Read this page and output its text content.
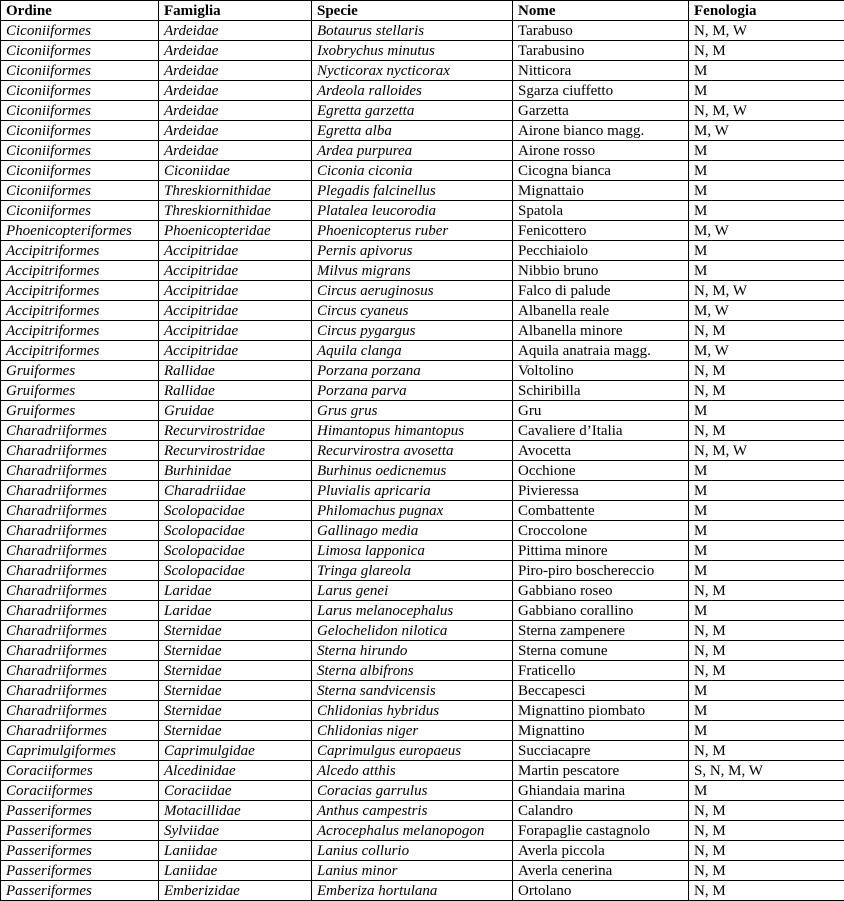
Ordine	Famiglia	Specie	Nome	Fenologia
Ciconiiformes	Ardeidae	Botaurus stellaris	Tarabuso	N, M, W
Ciconiiformes	Ardeidae	Ixobrychus minutus	Tarabusino	N, M
Ciconiiformes	Ardeidae	Nycticorax nycticorax	Nitticora	M
Ciconiiformes	Ardeidae	Ardeola ralloides	Sgarza ciuffetto	M
Ciconiiformes	Ardeidae	Egretta garzetta	Garzetta	N, M, W
Ciconiiformes	Ardeidae	Egretta alba	Airone bianco magg.	M, W
Ciconiiformes	Ardeidae	Ardea purpurea	Airone rosso	M
Ciconiiformes	Ciconiidae	Ciconia ciconia	Cicogna bianca	M
Ciconiiformes	Threskiornithidae	Plegadis falcinellus	Mignattaio	M
Ciconiiformes	Threskiornithidae	Platalea leucorodia	Spatola	M
Phoenicopteriformes	Phoenicopteridae	Phoenicopterus ruber	Fenicottero	M, W
Accipitriformes	Accipitridae	Pernis apivorus	Pecchiaiolo	M
Accipitriformes	Accipitridae	Milvus migrans	Nibbio bruno	M
Accipitriformes	Accipitridae	Circus aeruginosus	Falco di palude	N, M, W
Accipitriformes	Accipitridae	Circus cyaneus	Albanella reale	M, W
Accipitriformes	Accipitridae	Circus pygargus	Albanella minore	N, M
Accipitriformes	Accipitridae	Aquila clanga	Aquila anatraia magg.	M, W
Gruiformes	Rallidae	Porzana porzana	Voltolino	N, M
Gruiformes	Rallidae	Porzana parva	Schiribilla	N, M
Gruiformes	Gruidae	Grus grus	Gru	M
Charadriiformes	Recurvirostridae	Himantopus himantopus	Cavaliere d’Italia	N, M
Charadriiformes	Recurvirostridae	Recurvirostra avosetta	Avocetta	N, M, W
Charadriiformes	Burhinidae	Burhinus oedicnemus	Occhione	M
Charadriiformes	Charadriidae	Pluvialis apricaria	Pivieressa	M
Charadriiformes	Scolopacidae	Philomachus pugnax	Combattente	M
Charadriiformes	Scolopacidae	Gallinago media	Croccolone	M
Charadriiformes	Scolopacidae	Limosa lapponica	Pittima minore	M
Charadriiformes	Scolopacidae	Tringa glareola	Piro-piro boschereccio	M
Charadriiformes	Laridae	Larus genei	Gabbiano roseo	N, M
Charadriiformes	Laridae	Larus melanocephalus	Gabbiano corallino	M
Charadriiformes	Sternidae	Gelochelidon nilotica	Sterna zampenere	N, M
Charadriiformes	Sternidae	Sterna hirundo	Sterna comune	N, M
Charadriiformes	Sternidae	Sterna albifrons	Fraticello	N, M
Charadriiformes	Sternidae	Sterna sandvicensis	Beccapesci	M
Charadriiformes	Sternidae	Chlidonias hybridus	Mignattino piombato	M
Charadriiformes	Sternidae	Chlidonias niger	Mignattino	M
Caprimulgiformes	Caprimulgidae	Caprimulgus europaeus	Succiacapre	N, M
Coraciiformes	Alcedinidae	Alcedo atthis	Martin pescatore	S, N, M, W
Coraciiformes	Coraciidae	Coracias garrulus	Ghiandaia marina	M
Passeriformes	Motacillidae	Anthus campestris	Calandro	N, M
Passeriformes	Sylviidae	Acrocephalus melanopogon	Forapaglie castagnolo	N, M
Passeriformes	Laniidae	Lanius collurio	Averla piccola	N, M
Passeriformes	Laniidae	Lanius minor	Averla cenerina	N, M
Passeriformes	Emberizidae	Emberiza hortulana	Ortolano	N, M
